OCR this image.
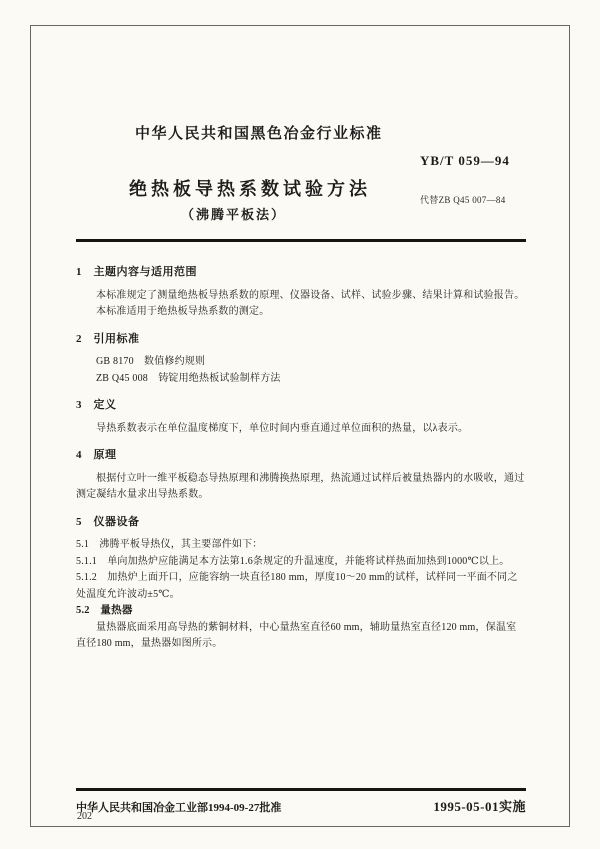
中华人民共和国黑色冶金行业标准
YB/T 059—94
绝热板导热系数试验方法
代替ZB Q45 007—84
（沸腾平板法）
1　主题内容与适用范围
本标准规定了测量绝热板导热系数的原理、仪器设备、试样、试验步骤、结果计算和试验报告。
本标准适用于绝热板导热系数的测定。
2　引用标准
GB 8170　数值修约规则
ZB Q45 008　铸锭用绝热板试验制样方法
3　定义
导热系数表示在单位温度梯度下，单位时间内垂直通过单位面积的热量，以λ表示。
4　原理
根据付立叶一维平板稳态导热原理和沸腾换热原理，热流通过试样后被量热器内的水吸收，通过测定凝结水量求出导热系数。
5　仪器设备
5.1　沸腾平板导热仪，其主要部件如下：
5.1.1　单向加热炉应能满足本方法第1.6条规定的升温速度，并能将试样热面加热到1000℃以上。
5.1.2　加热炉上面开口，应能容纳一块直径180 mm，厚度10～20 mm的试样，试样同一平面不同之处温度允许波动±5℃。
5.2　量热器
量热器底面采用高导热的紫铜材料，中心量热室直径60 mm，辅助量热室直径120 mm，保温室直径180 mm，量热器如图所示。
中华人民共和国冶金工业部1994-09-27批准	1995-05-01实施
202
